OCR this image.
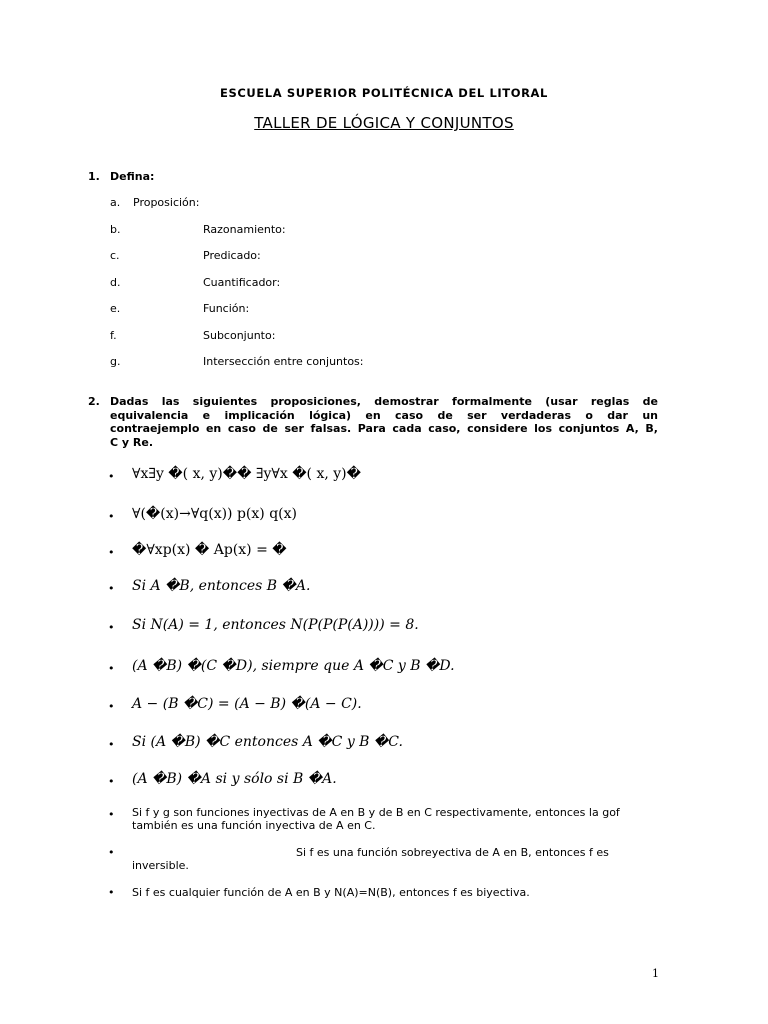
ESCUELA SUPERIOR POLITÉCNICA DEL LITORAL
TALLER DE LÓGICA Y CONJUNTOS
1. Defina:
a. Proposición:
b.	Razonamiento:
c.	Predicado:
d.	Cuantificador:
e.	Función:
f.	Subconjunto:
g.	Intersección entre conjuntos:
2. Dadas las siguientes proposiciones, demostrar formalmente (usar reglas de
equivalencia e implicación lógica) en caso de ser verdaderas o dar un
contraejemplo en caso de ser falsas. Para cada caso, considere los conjuntos A, B,
C y Re.
• ∀x∃y �( x, y)�� ∃y∀x �( x, y)�
• ∀(�(x)→∀q(x)) p(x) q(x)
• �∀xp(x) � Ap(x) = �
• Si A �B, entonces B �A.
• Si N(A) = 1, entonces N(P(P(P(A)))) = 8.
• (A �B) �(C �D), siempre que A �C y B �D.
• A − (B �C) = (A − B) �(A − C).
• Si (A �B) �C entonces A �C y B �C.
• (A �B) �A si y sólo si B �A.
• Si f y g son funciones inyectivas de A en B y de B en C respectivamente, entonces la gof también es una función inyectiva de A en C.
•	Si f es una función sobreyectiva de A en B, entonces f es inversible.
• Si f es cualquier función de A en B y N(A)=N(B), entonces f es biyectiva.
1
